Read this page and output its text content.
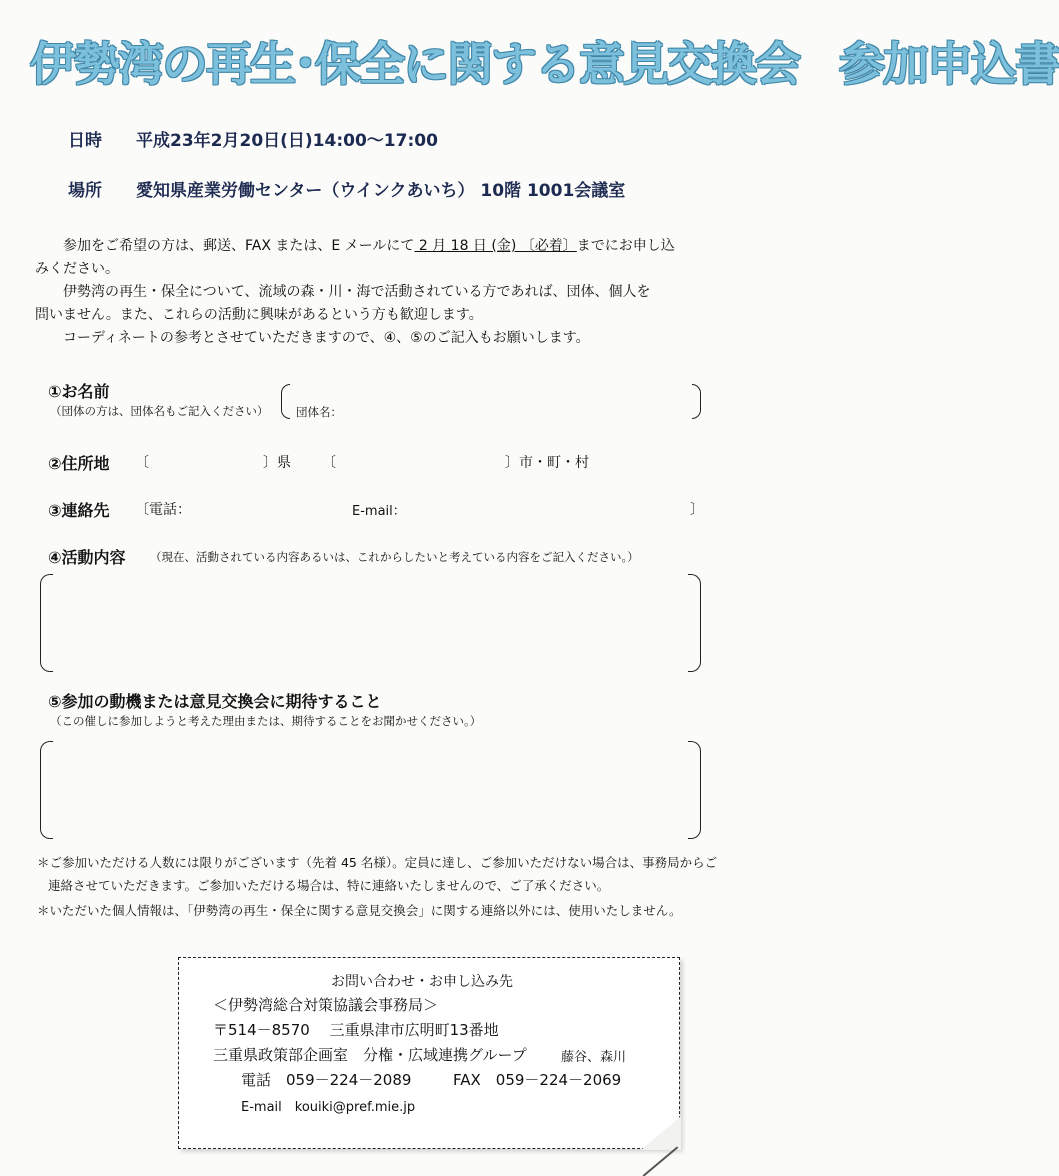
伊勢湾の再生･保全に関する意見交換会 参加申込書
日時 平成23年2月20日(日)14:00～17:00
場所 愛知県産業労働センター（ウインクあいち） 10階 1001会議室

参加をご希望の方は、郵送、FAX または、E メールにて 2 月 18 日 (金) 〔必着〕までにお申し込

みください。

伊勢湾の再生・保全について、流域の森・川・海で活動されている方であれば、団体、個人を

問いません。また、これらの活動に興味があるという方も歓迎します。

コーディネートの参考とさせていただきますので、④、⑤のご記入もお願いします。

①お名前
（団体の方は、団体名もご記入ください） 団体名：
②住所地 〔	〕県 〔	〕市・町・村
③連絡先 〔電話：	E-mail：	〕
④活動内容 （現在、活動されている内容あるいは、これからしたいと考えている内容をご記入ください。）
⑤参加の動機または意見交換会に期待すること
（この催しに参加しようと考えた理由または、期待することをお聞かせください。）
＊ご参加いただける人数には限りがございます（先着 45 名様）。定員に達し、ご参加いただけない場合は、事務局からご
連絡させていただきます。ご参加いただける場合は、特に連絡いたしませんので、ご了承ください。
＊いただいた個人情報は、「伊勢湾の再生・保全に関する意見交換会」に関する連絡以外には、使用いたしません。
お問い合わせ・お申し込み先
＜伊勢湾総合対策協議会事務局＞
〒514－8570　 三重県津市広明町13番地
三重県政策部企画室　分権・広域連携グループ	藤谷、森川
電話　059－224－2089	FAX　059－224－2069
E-mail　kouiki@pref.mie.jp
